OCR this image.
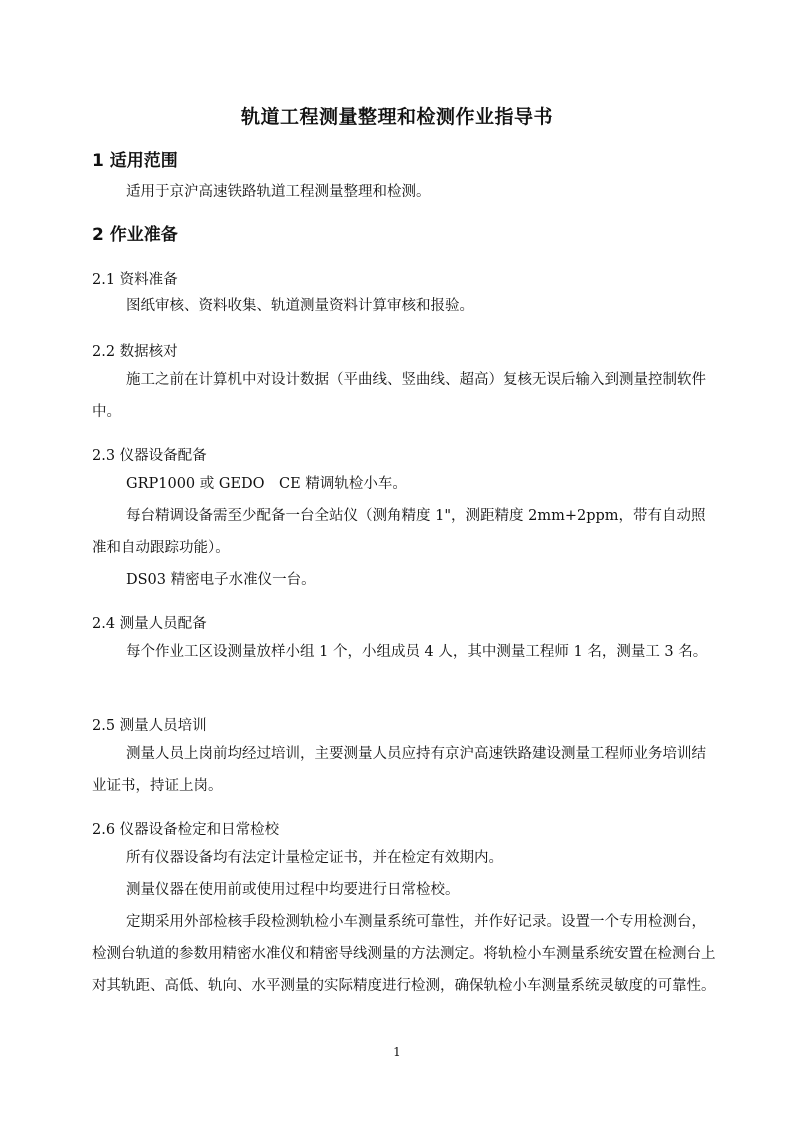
轨道工程测量整理和检测作业指导书
1 适用范围
适用于京沪高速铁路轨道工程测量整理和检测。
2 作业准备
2.1 资料准备
图纸审核、资料收集、轨道测量资料计算审核和报验。
2.2 数据核对
施工之前在计算机中对设计数据（平曲线、竖曲线、超高）复核无误后输入到测量控制软件中。
2.3 仪器设备配备
GRP1000 或 GEDO　CE 精调轨检小车。
每台精调设备需至少配备一台全站仪（测角精度 1"，测距精度 2mm+2ppm，带有自动照准和自动跟踪功能）。
DS03 精密电子水准仪一台。
2.4 测量人员配备
每个作业工区设测量放样小组 1 个，小组成员 4 人，其中测量工程师 1 名，测量工 3 名。
2.5 测量人员培训
测量人员上岗前均经过培训，主要测量人员应持有京沪高速铁路建设测量工程师业务培训结业证书，持证上岗。
2.6 仪器设备检定和日常检校
所有仪器设备均有法定计量检定证书，并在检定有效期内。
测量仪器在使用前或使用过程中均要进行日常检校。
定期采用外部检核手段检测轨检小车测量系统可靠性，并作好记录。设置一个专用检测台，检测台轨道的参数用精密水准仪和精密导线测量的方法测定。将轨检小车测量系统安置在检测台上对其轨距、高低、轨向、水平测量的实际精度进行检测，确保轨检小车测量系统灵敏度的可靠性。
1
